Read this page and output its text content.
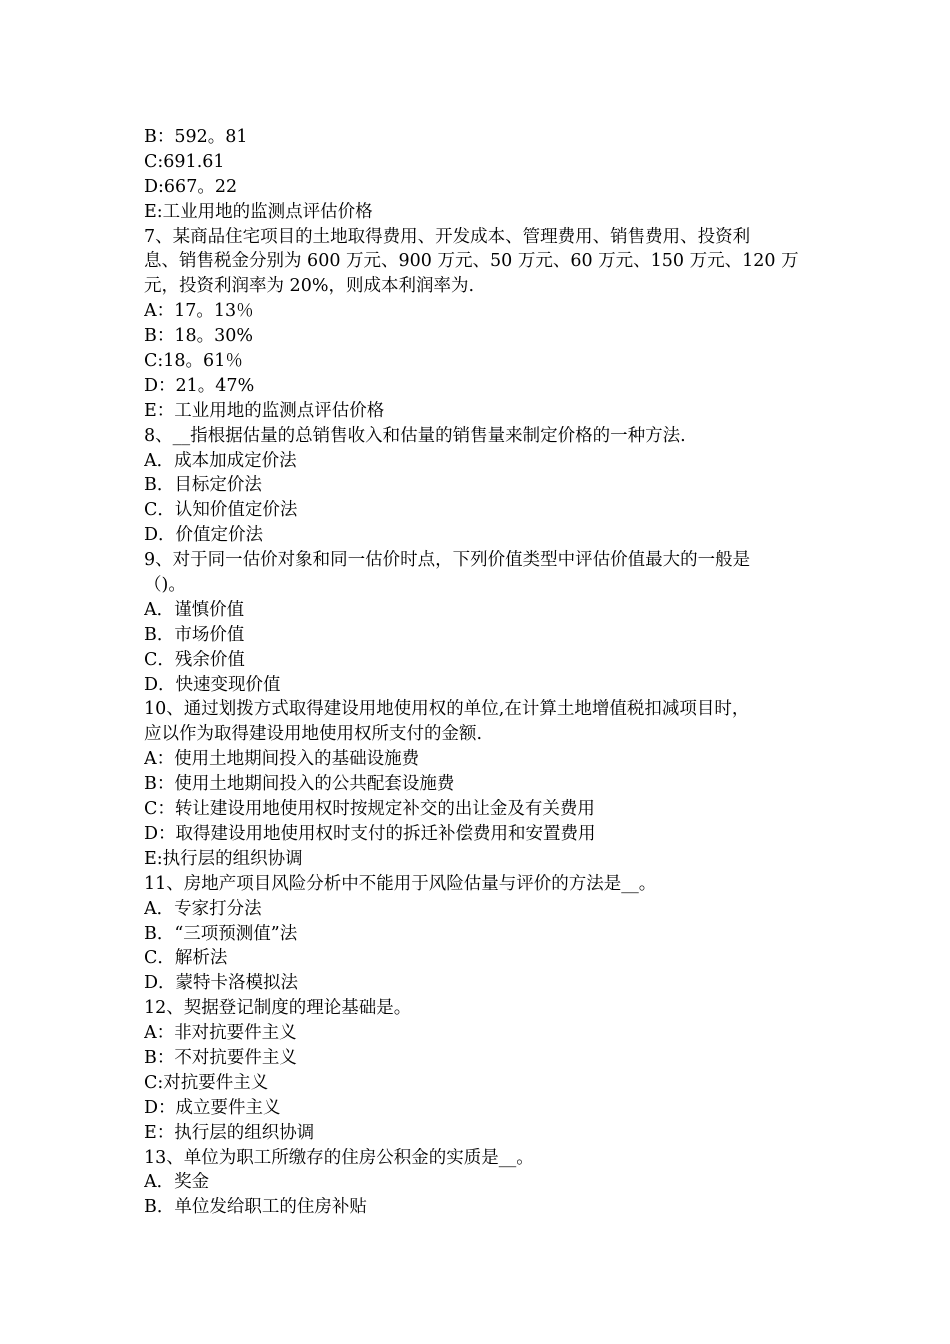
B：592。81
C:691.61
D:667。22
E:工业用地的监测点评估价格
7、某商品住宅项目的土地取得费用、开发成本、管理费用、销售费用、投资利
息、销售税金分别为 600 万元、900 万元、50 万元、60 万元、150 万元、120 万
元，投资利润率为 20%，则成本利润率为.
A：17。13％
B：18。30%
C:18。61％
D：21。47%
E：工业用地的监测点评估价格
8、__指根据估量的总销售收入和估量的销售量来制定价格的一种方法.
A．成本加成定价法
B．目标定价法
C．认知价值定价法
D．价值定价法
9、对于同一估价对象和同一估价时点，下列价值类型中评估价值最大的一般是
（)。
A．谨慎价值
B．市场价值
C．残余价值
D．快速变现价值
10、通过划拨方式取得建设用地使用权的单位,在计算土地增值税扣减项目时，
应以作为取得建设用地使用权所支付的金额.
A：使用土地期间投入的基础设施费
B：使用土地期间投入的公共配套设施费
C：转让建设用地使用权时按规定补交的出让金及有关费用
D：取得建设用地使用权时支付的拆迁补偿费用和安置费用
E:执行层的组织协调
11、房地产项目风险分析中不能用于风险估量与评价的方法是__。
A．专家打分法
B．“三项预测值”法
C．解析法
D．蒙特卡洛模拟法
12、契据登记制度的理论基础是。
A：非对抗要件主义
B：不对抗要件主义
C:对抗要件主义
D：成立要件主义
E：执行层的组织协调
13、单位为职工所缴存的住房公积金的实质是__。
A．奖金
B．单位发给职工的住房补贴
